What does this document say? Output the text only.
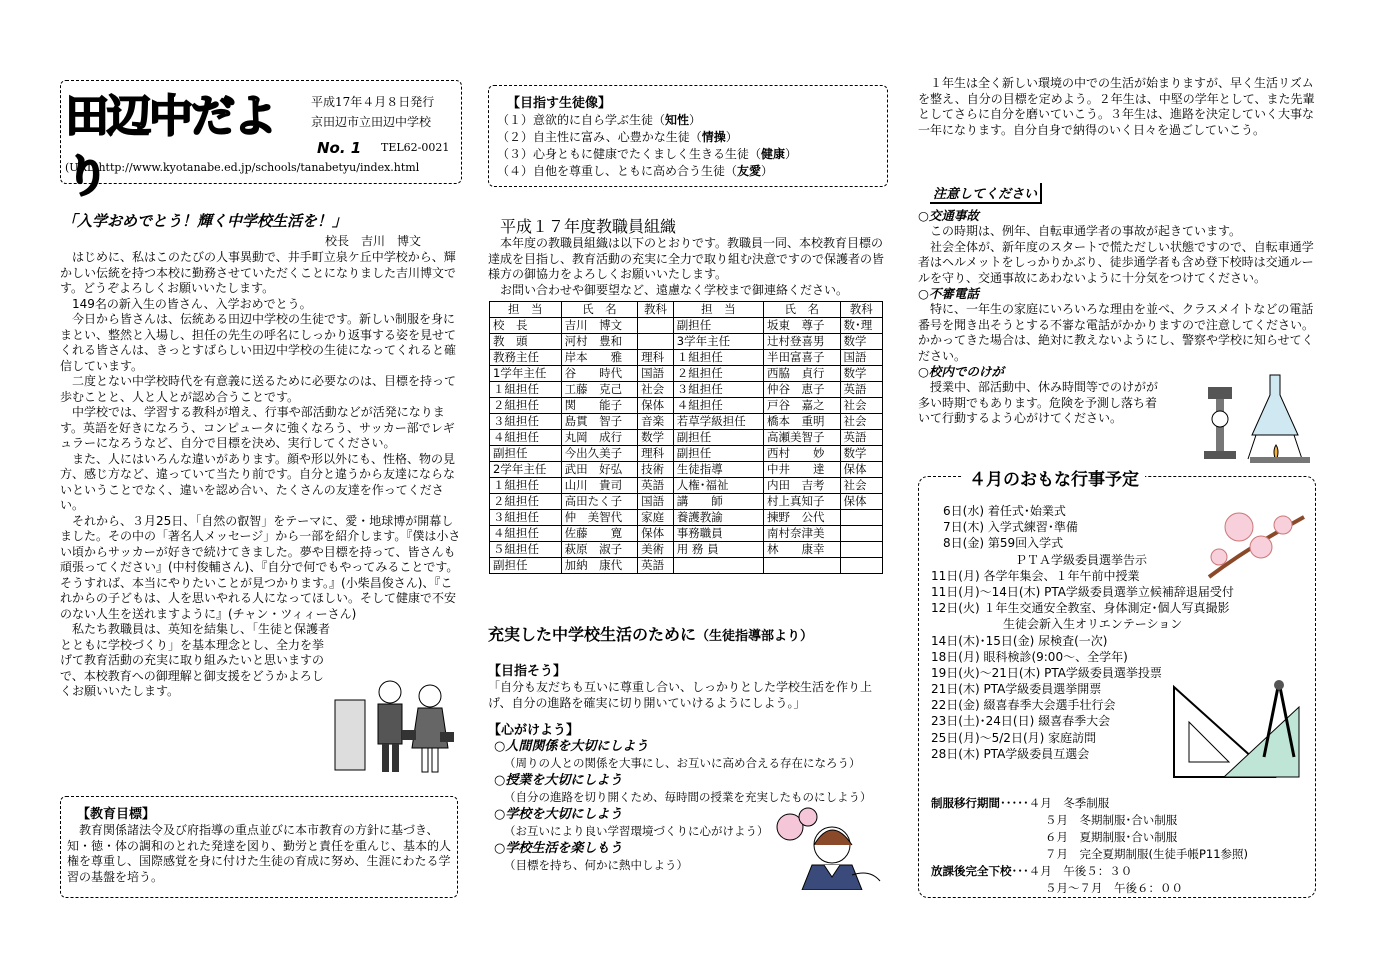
田辺中だより
平成17年４月８日発行
京田辺市立田辺中学校
No. 1 TEL62-0021
(URL)http://www.kyotanabe.ed.jp/schools/tanabetyu/index.html
「入学おめでとう！輝く中学校生活を！」
校長　吉川　博文

　はじめに、私はこのたびの人事異動で、井手町立泉ケ丘中学校から、輝かしい伝統を持つ本校に勤務させていただくことになりました吉川博文です。どうぞよろしくお願いいたします。

　149名の新入生の皆さん、入学おめでとう。

　今日から皆さんは、伝統ある田辺中学校の生徒です。新しい制服を身にまとい、整然と入場し、担任の先生の呼名にしっかり返事する姿を見せてくれる皆さんは、きっとすばらしい田辺中学校の生徒になってくれると確信しています。

　二度とない中学校時代を有意義に送るために必要なのは、目標を持って歩むことと、人と人とが認め合うことです。

　中学校では、学習する教科が増え、行事や部活動などが活発になります。英語を好きになろう、コンピュータに強くなろう、サッカー部でレギュラーになろうなど、自分で目標を決め、実行してください。

　また、人にはいろんな違いがあります。顔や形以外にも、性格、物の見方、感じ方など、違っていて当たり前です。自分と違うから友達にならないということでなく、違いを認め合い、たくさんの友達を作ってください。

　それから、３月25日、「自然の叡智」をテーマに、愛・地球博が開幕しました。その中の「著名人メッセージ」から一部を紹介します。『僕は小さい頃からサッカーが好きで続けてきました。夢や目標を持って、皆さんも頑張ってください』(中村俊輔さん)、『自分で何でもやってみることです。そうすれば、本当にやりたいことが見つかります。』(小柴昌俊さん)、『これからの子どもは、人を思いやれる人になってほしい。そして健康で不安のない人生を送れますように』(チャン・ツィィーさん)

　私たち教職員は、英知を結集し、「生徒と保護者とともに学校づくり」を基本理念とし、全力を挙げて教育活動の充実に取り組みたいと思いますので、本校教育への御理解と御支援をどうかよろしくお願いいたします。

【教育目標】

　教育関係諸法令及び府指導の重点並びに本市教育の方針に基づき、知・徳・体の調和のとれた発達を図り、勤労と責任を重んじ、基本的人権を尊重し、国際感覚を身に付けた生徒の育成に努め、生涯にわたる学習の基盤を培う。

【目指す生徒像】
（１）意欲的に自ら学ぶ生徒（知性）
（２）自主性に富み、心豊かな生徒（情操）
（３）心身ともに健康でたくましく生きる生徒（健康）
（４）自他を尊重し、ともに高め合う生徒（友愛）
平成１７年度教職員組織

　本年度の教職員組織は以下のとおりです。教職員一同、本校教育目標の達成を目指し、教育活動の充実に全力で取り組む決意ですので保護者の皆様方の御協力をよろしくお願いいたします。
　お問い合わせや御要望など、遠慮なく学校まで御連絡ください。

担　当	氏　名	教科	担　当	氏　名	教科
校　長	吉川　博文		副担任	坂東　尊子	数･理
教　頭	河村　豊和		3学年主任	辻村登喜男	数学
教務主任	岸本　　雅	理科	１組担任	半田富喜子	国語
1学年主任	谷　　時代	国語	２組担任	西脇　貞行	数学
１組担任	工藤　克己	社会	３組担任	仲谷　恵子	英語
２組担任	関　　能子	保体	４組担任	戸谷　嘉之	社会
３組担任	島貫　智子	音楽	若草学級担任	橋本　重明	社会
４組担任	丸岡　成行	数学	副担任	高瀬美智子	英語
副担任	今出久美子	理科	副担任	西村　　妙	数学
2学年主任	武田　好弘	技術	生徒指導	中井　　達	保体
１組担任	山川　貴司	英語	人権･福祉	内田　吉考	社会
２組担任	高田たく子	国語	講　　師	村上真知子	保体
３組担任	仲　美智代	家庭	養護教諭	揀野　公代	
４組担任	佐藤　　寛	保体	事務職員	南村奈津美	
５組担任	萩原　淑子	美術	用 務 員	林　　康幸	
副担任	加納　康代	英語			
充実した中学校生活のために（生徒指導部より）
【目指そう】

「自分も友だちも互いに尊重し合い、しっかりとした学校生活を作り上げ、自分の進路を確実に切り開いていけるようにしよう。」

【心がけよう】
○人間関係を大切にしよう
（周りの人との関係を大事にし、お互いに高め合える存在になろう）
○授業を大切にしよう
（自分の進路を切り開くため、毎時間の授業を充実したものにしよう）
○学校を大切にしよう
（お互いにより良い学習環境づくりに心がけよう）
○学校生活を楽しもう
（目標を持ち、何かに熱中しよう）

　１年生は全く新しい環境の中での生活が始まりますが、早く生活リズムを整え、自分の目標を定めよう。２年生は、中堅の学年として、また先輩としてさらに自分を磨いていこう。３年生は、進路を決定していく大事な一年になります。自分自身で納得のいく日々を過ごしていこう。

注意してください
○交通事故

　この時期は、例年、自転車通学者の事故が起きています。
　社会全体が、新年度のスタートで慌ただしい状態ですので、自転車通学者はヘルメットをしっかりかぶり、徒歩通学者も含め登下校時は交通ルールを守り、交通事故にあわないように十分気をつけてください。

○不審電話

　特に、一年生の家庭にいろいろな理由を並べ、クラスメイトなどの電話番号を聞き出そうとする不審な電話がかかりますので注意してください。かかってきた場合は、絶対に教えないようにし、警察や学校に知らせてください。

○校内でのけが

　授業中、部活動中、休み時間等でのけがが
多い時期でもあります。危険を予測し落ち着
いて行動するよう心がけてください。

４月のおもな行事予定
　6日(水) 着任式･始業式
　7日(木) 入学式練習･準備
　8日(金) 第59回入学式
　　　　　　　ＰＴＡ学級委員選挙告示
11日(月) 各学年集会、１年午前中授業
11日(月)～14日(木) PTA学級委員選挙立候補辞退届受付
12日(火) １年生交通安全教室、身体測定･個人写真撮影
　　　　　　生徒会新入生オリエンテーション
14日(木)･15日(金) 尿検査(一次)
18日(月) 眼科検診(9:00～、全学年)
19日(火)～21日(木) PTA学級委員選挙投票
21日(木) PTA学級委員選挙開票
22日(金) 綴喜春季大会選手壮行会
23日(土)･24日(日) 綴喜春季大会
25日(月)～5/2日(月) 家庭訪問
28日(木) PTA学級委員互選会
制服移行期間･････４月　 冬季制服
５月　 冬期制服･合い制服
６月　 夏期制服･合い制服
７月　 完全夏期制服(生徒手帳P11参照)
放課後完全下校･･･４月　 午後５：３０
５月～７月　 午後６：００
